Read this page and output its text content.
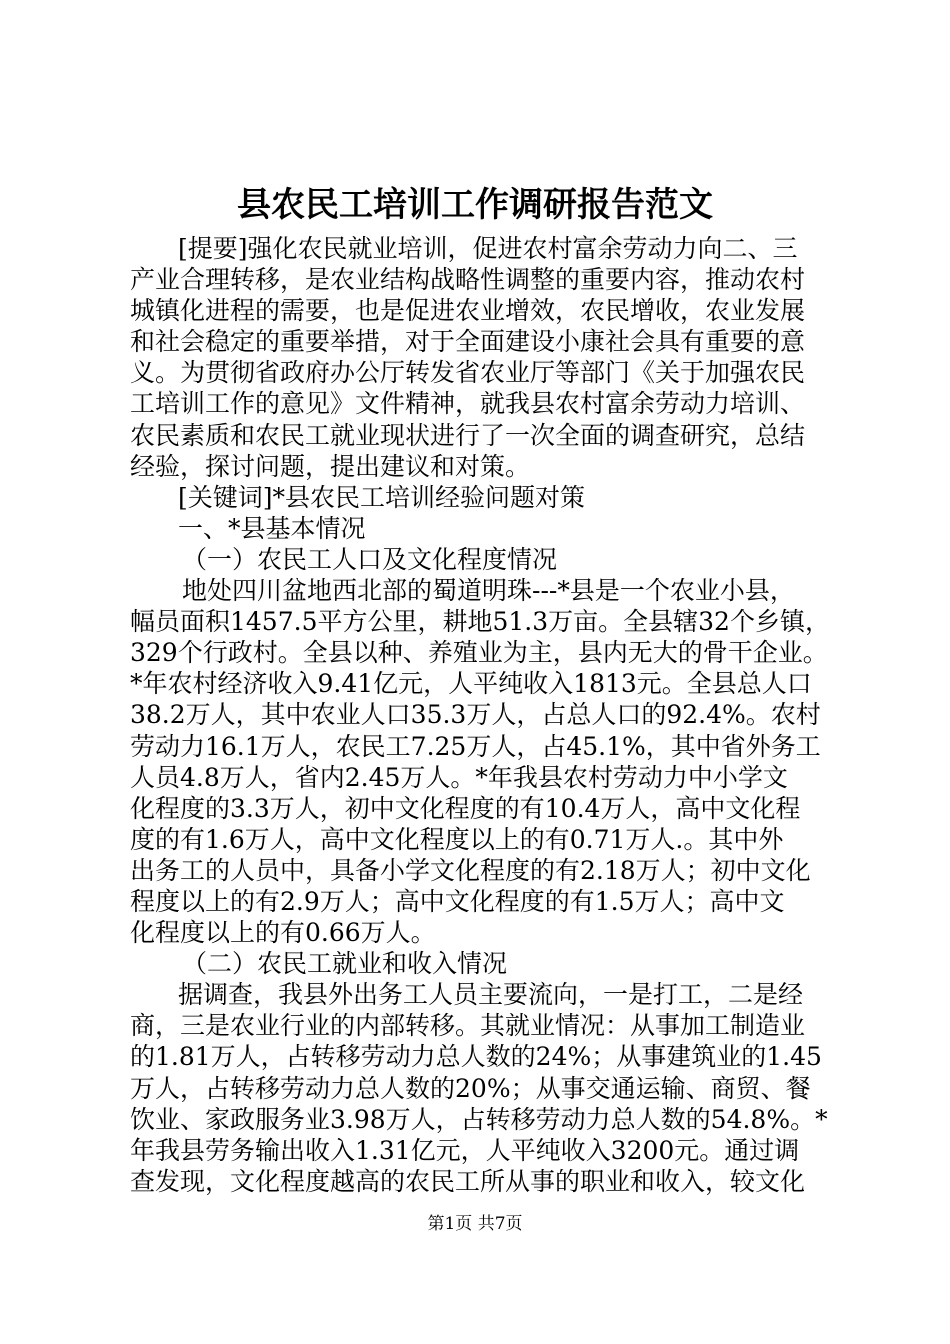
县农民工培训工作调研报告范文
[提要]强化农民就业培训，促进农村富余劳动力向二、三
产业合理转移，是农业结构战略性调整的重要内容，推动农村
城镇化进程的需要，也是促进农业增效，农民增收，农业发展
和社会稳定的重要举措，对于全面建设小康社会具有重要的意
义。为贯彻省政府办公厅转发省农业厅等部门《关于加强农民
工培训工作的意见》文件精神，就我县农村富余劳动力培训、
农民素质和农民工就业现状进行了一次全面的调查研究，总结
经验，探讨问题，提出建议和对策。
[关键词]*县农民工培训经验问题对策
一、*县基本情况
（一）农民工人口及文化程度情况
地处四川盆地西北部的蜀道明珠---*县是一个农业小县，
幅员面积1457.5平方公里，耕地51.3万亩。全县辖32个乡镇，
329个行政村。全县以种、养殖业为主，县内无大的骨干企业。
*年农村经济收入9.41亿元，人平纯收入1813元。全县总人口
38.2万人，其中农业人口35.3万人，占总人口的92.4%。农村
劳动力16.1万人，农民工7.25万人，占45.1%，其中省外务工
人员4.8万人，省内2.45万人。*年我县农村劳动力中小学文
化程度的3.3万人，初中文化程度的有10.4万人，高中文化程
度的有1.6万人，高中文化程度以上的有0.71万人.。其中外
出务工的人员中，具备小学文化程度的有2.18万人；初中文化
程度以上的有2.9万人；高中文化程度的有1.5万人；高中文
化程度以上的有0.66万人。
（二）农民工就业和收入情况
据调查，我县外出务工人员主要流向，一是打工，二是经
商，三是农业行业的内部转移。其就业情况：从事加工制造业
的1.81万人，占转移劳动力总人数的24%；从事建筑业的1.45
万人，占转移劳动力总人数的20%；从事交通运输、商贸、餐
饮业、家政服务业3.98万人，占转移劳动力总人数的54.8%。*
年我县劳务输出收入1.31亿元，人平纯收入3200元。通过调
查发现，文化程度越高的农民工所从事的职业和收入，较文化
第1页 共7页
